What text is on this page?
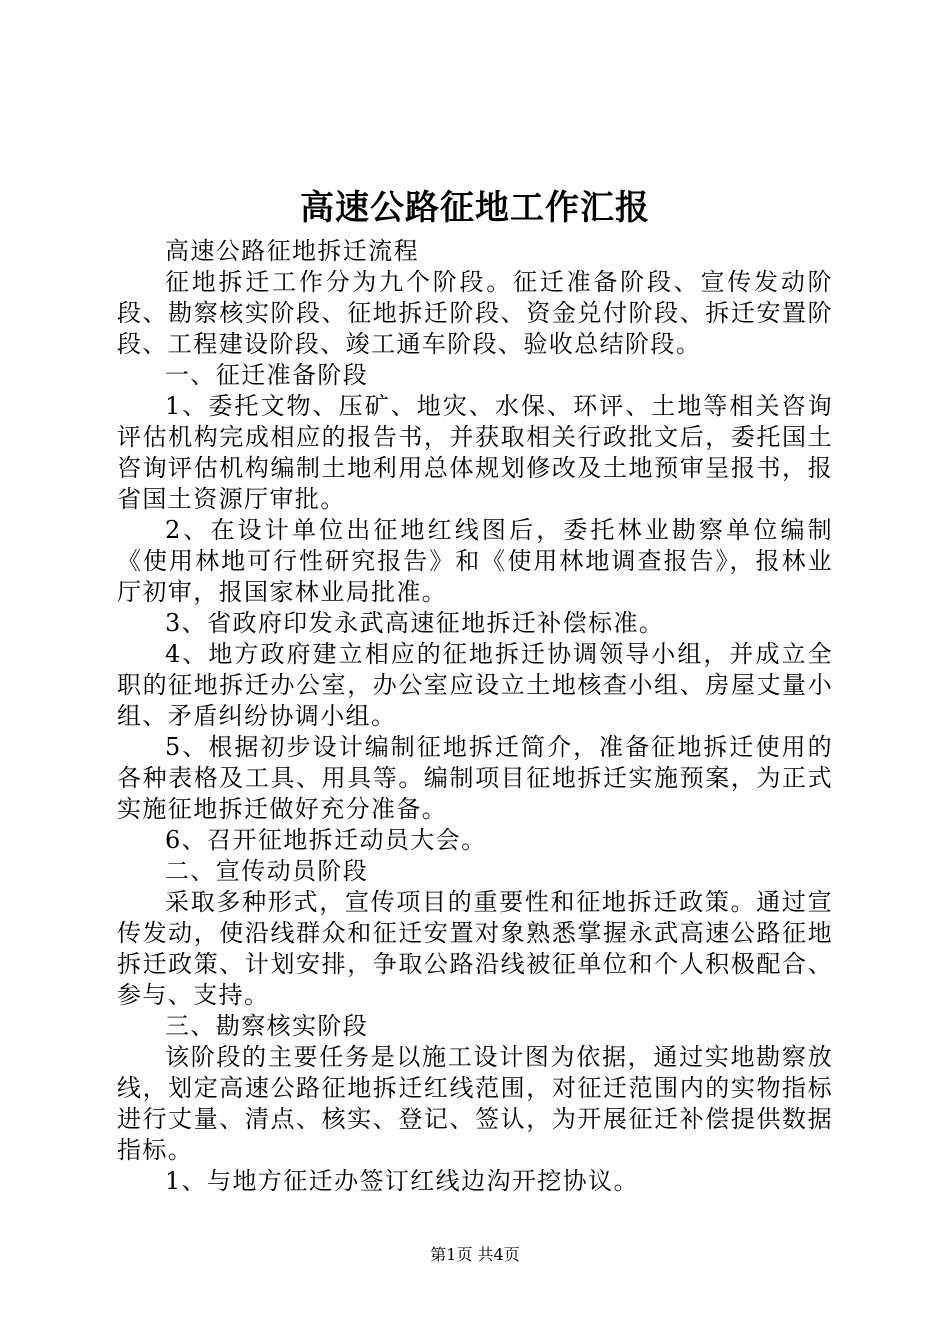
高速公路征地工作汇报

高速公路征地拆迁流程

征地拆迁工作分为九个阶段。征迁准备阶段、宣传发动阶段、勘察核实阶段、征地拆迁阶段、资金兑付阶段、拆迁安置阶段、工程建设阶段、竣工通车阶段、验收总结阶段。

一、征迁准备阶段

1、委托文物、压矿、地灾、水保、环评、土地等相关咨询评估机构完成相应的报告书，并获取相关行政批文后，委托国土咨询评估机构编制土地利用总体规划修改及土地预审呈报书，报省国土资源厅审批。

2、在设计单位出征地红线图后，委托林业勘察单位编制《使用林地可行性研究报告》和《使用林地调查报告》，报林业厅初审，报国家林业局批准。

3、省政府印发永武高速征地拆迁补偿标准。

4、地方政府建立相应的征地拆迁协调领导小组，并成立全职的征地拆迁办公室，办公室应设立土地核查小组、房屋丈量小组、矛盾纠纷协调小组。

5、根据初步设计编制征地拆迁简介，准备征地拆迁使用的各种表格及工具、用具等。编制项目征地拆迁实施预案，为正式实施征地拆迁做好充分准备。

6、召开征地拆迁动员大会。

二、宣传动员阶段

采取多种形式，宣传项目的重要性和征地拆迁政策。通过宣传发动，使沿线群众和征迁安置对象熟悉掌握永武高速公路征地拆迁政策、计划安排，争取公路沿线被征单位和个人积极配合、参与、支持。

三、勘察核实阶段

该阶段的主要任务是以施工设计图为依据，通过实地勘察放线，划定高速公路征地拆迁红线范围，对征迁范围内的实物指标进行丈量、清点、核实、登记、签认，为开展征迁补偿提供数据指标。

1、与地方征迁办签订红线边沟开挖协议。

第1页 共4页
